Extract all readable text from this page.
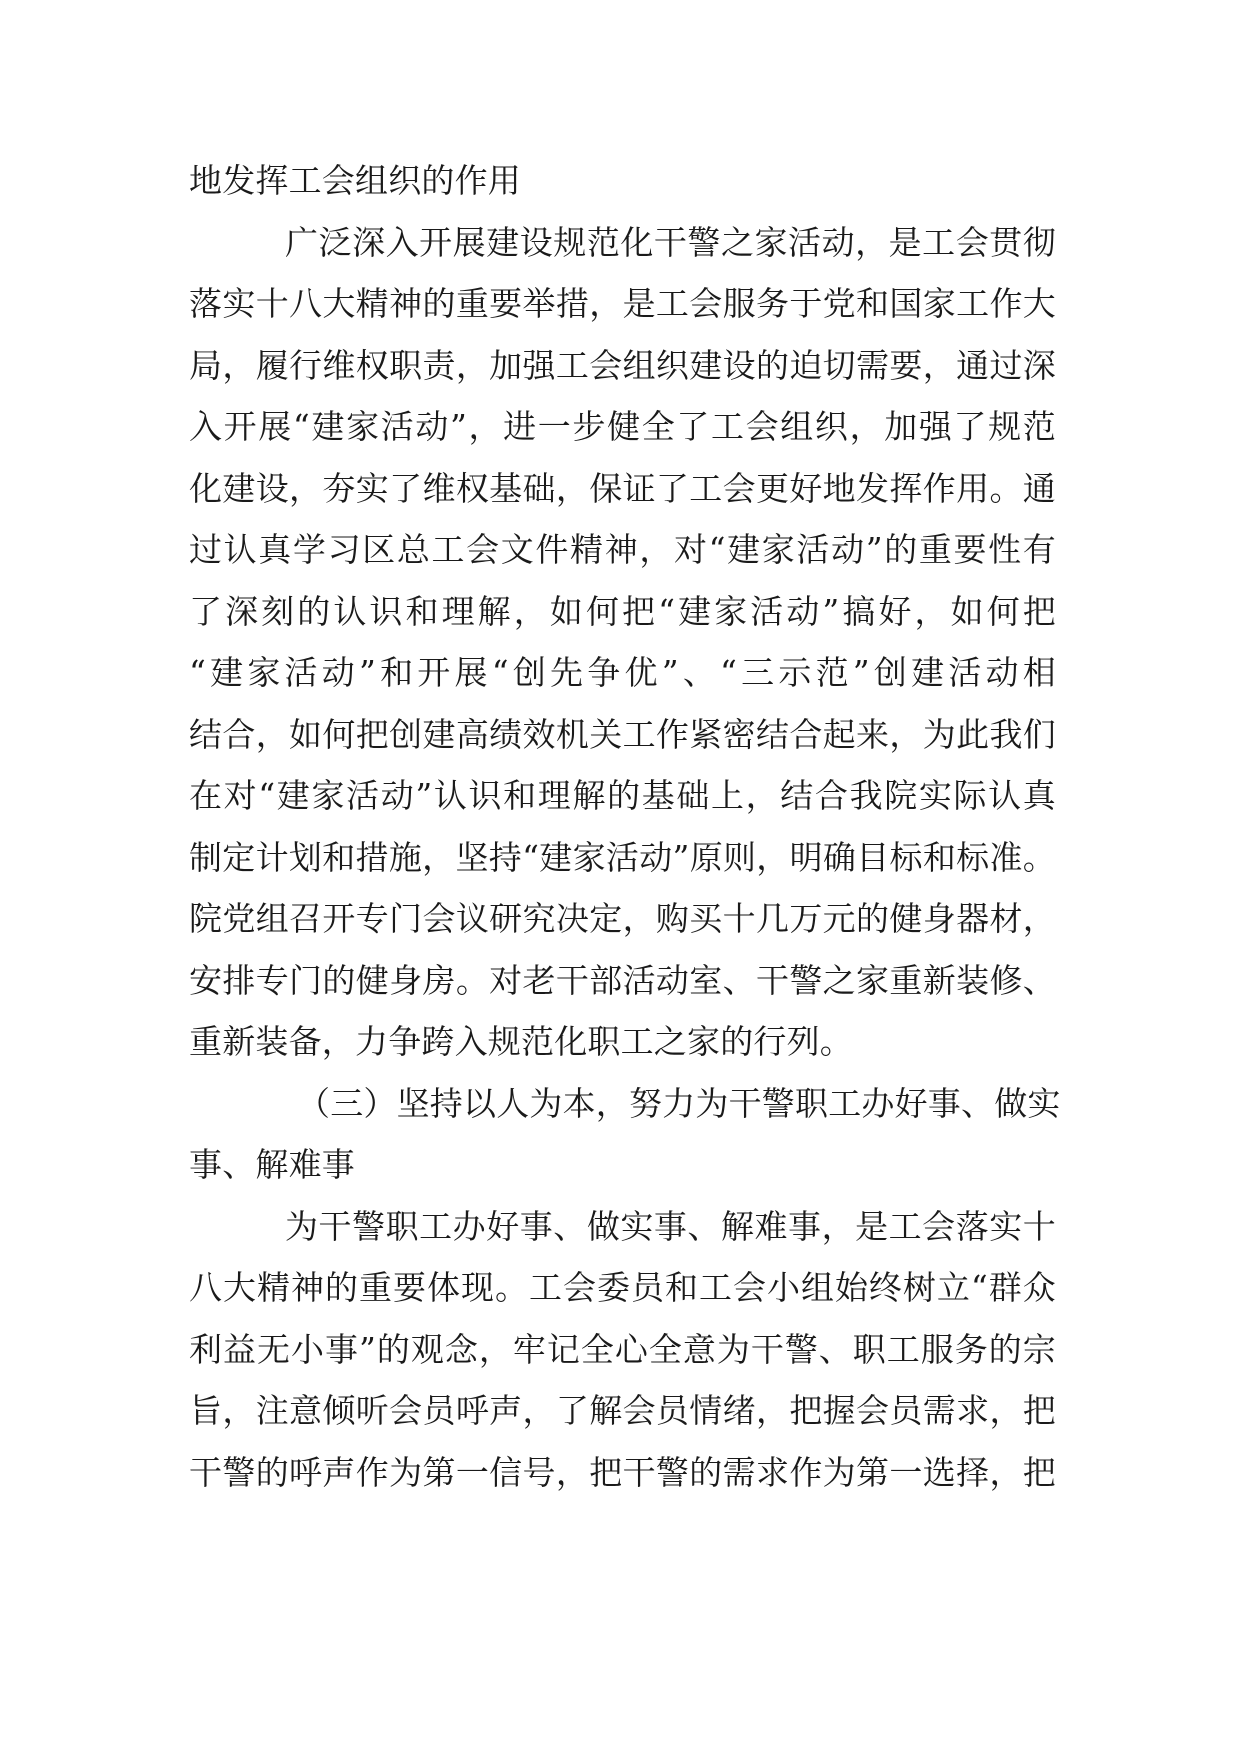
地发挥工会组织的作用
广泛深入开展建设规范化干警之家活动，是工会贯彻
落实十八大精神的重要举措，是工会服务于党和国家工作大
局，履行维权职责，加强工会组织建设的迫切需要，通过深
入开展“建家活动”，进一步健全了工会组织，加强了规范
化建设，夯实了维权基础，保证了工会更好地发挥作用。通
过认真学习区总工会文件精神，对“建家活动”的重要性有
了深刻的认识和理解，如何把“建家活动”搞好，如何把
“建家活动”和开展“创先争优”、“三示范”创建活动相
结合，如何把创建高绩效机关工作紧密结合起来，为此我们
在对“建家活动”认识和理解的基础上，结合我院实际认真
制定计划和措施，坚持“建家活动”原则，明确目标和标准。
院党组召开专门会议研究决定，购买十几万元的健身器材，
安排专门的健身房。对老干部活动室、干警之家重新装修、
重新装备，力争跨入规范化职工之家的行列。
（三）坚持以人为本，努力为干警职工办好事、做实
事、解难事
为干警职工办好事、做实事、解难事，是工会落实十
八大精神的重要体现。工会委员和工会小组始终树立“群众
利益无小事”的观念，牢记全心全意为干警、职工服务的宗
旨，注意倾听会员呼声，了解会员情绪，把握会员需求，把
干警的呼声作为第一信号，把干警的需求作为第一选择，把
